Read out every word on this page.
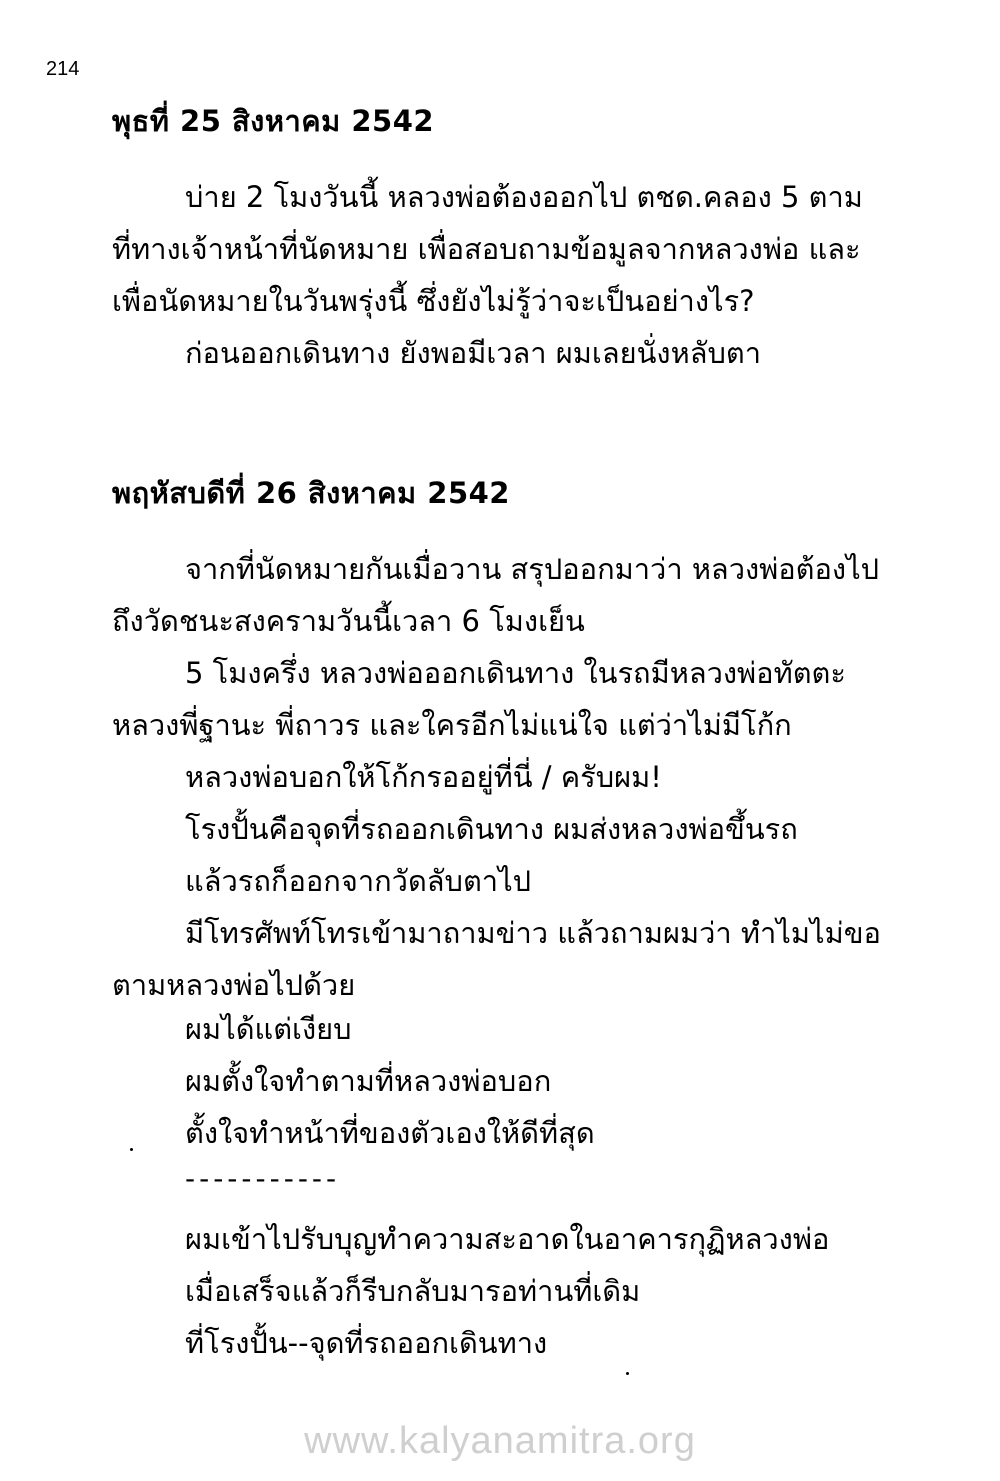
214
พุธที่ 25 สิงหาคม 2542
บ่าย 2 โมงวันนี้ หลวงพ่อต้องออกไป ตชด.คลอง 5 ตาม
ที่ทางเจ้าหน้าที่นัดหมาย เพื่อสอบถามข้อมูลจากหลวงพ่อ และ
เพื่อนัดหมายในวันพรุ่งนี้ ซึ่งยังไม่รู้ว่าจะเป็นอย่างไร?
ก่อนออกเดินทาง ยังพอมีเวลา ผมเลยนั่งหลับตา
พฤหัสบดีที่ 26 สิงหาคม 2542
จากที่นัดหมายกันเมื่อวาน สรุปออกมาว่า หลวงพ่อต้องไป
ถึงวัดชนะสงครามวันนี้เวลา 6 โมงเย็น
5 โมงครึ่ง หลวงพ่อออกเดินทาง ในรถมีหลวงพ่อทัตตะ
หลวงพี่ฐานะ พี่ถาวร และใครอีกไม่แน่ใจ แต่ว่าไม่มีโก้ก
หลวงพ่อบอกให้โก้กรออยู่ที่นี่ / ครับผม!
โรงปั้นคือจุดที่รถออกเดินทาง ผมส่งหลวงพ่อขึ้นรถ
แล้วรถก็ออกจากวัดลับตาไป
มีโทรศัพท์โทรเข้ามาถามข่าว แล้วถามผมว่า ทำไมไม่ขอ
ตามหลวงพ่อไปด้วย
ผมได้แต่เงียบ
ผมตั้งใจทำตามที่หลวงพ่อบอก
ตั้งใจทำหน้าที่ของตัวเองให้ดีที่สุด
-----------
ผมเข้าไปรับบุญทำความสะอาดในอาคารกุฏิหลวงพ่อ
เมื่อเสร็จแล้วก็รีบกลับมารอท่านที่เดิม
ที่โรงปั้น--จุดที่รถออกเดินทาง
www.kalyanamitra.org
